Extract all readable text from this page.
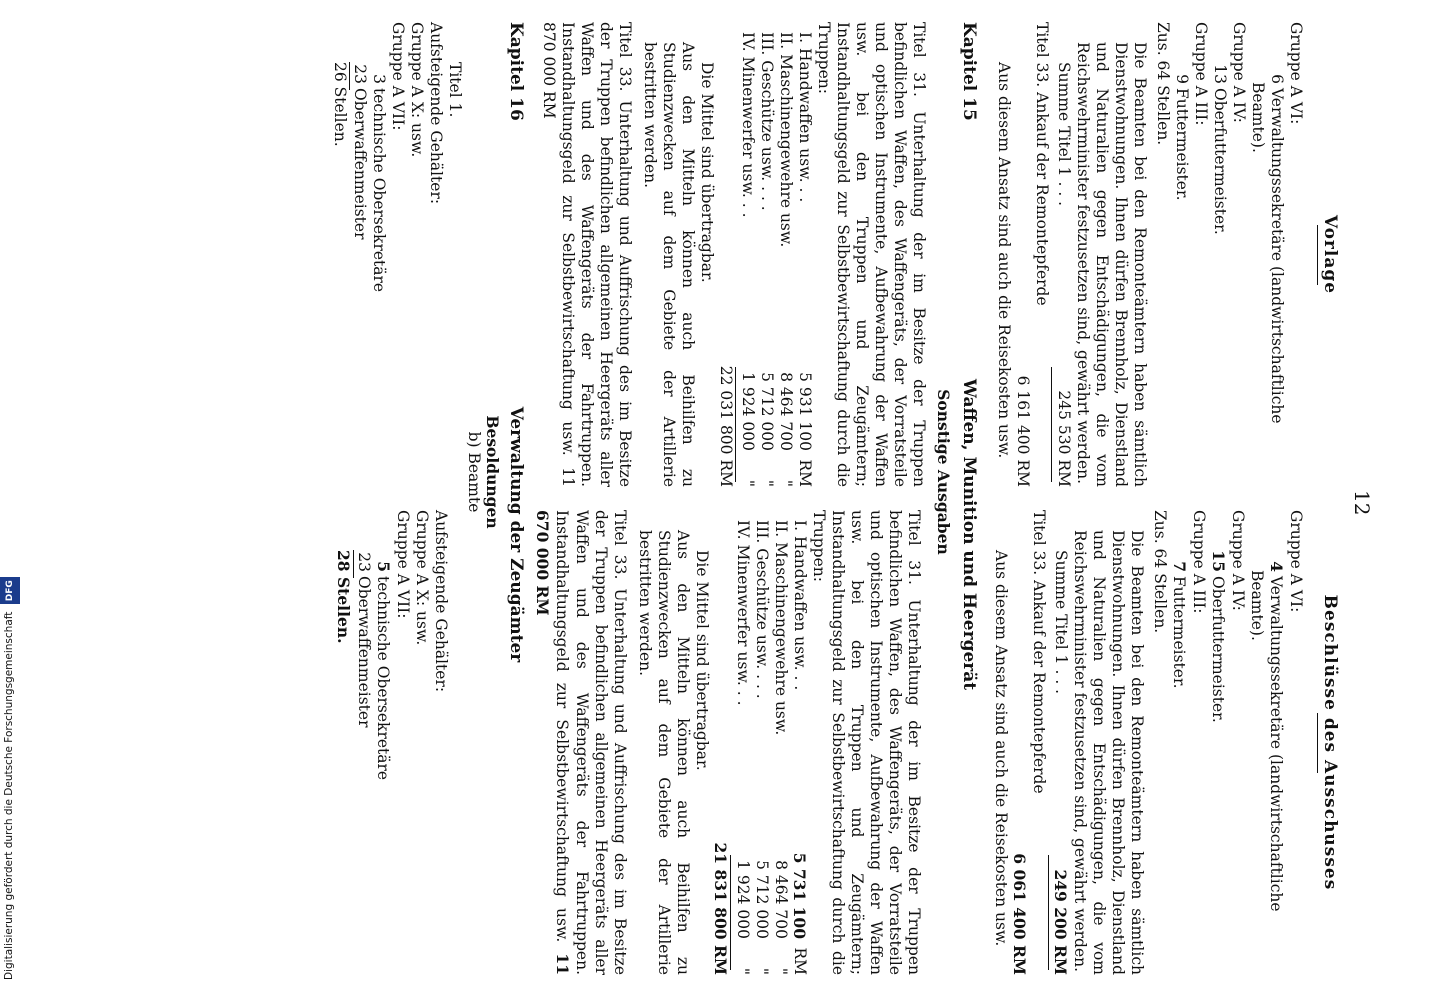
12
Vorlage
Gruppe A VI:
6Verwaltungssekretäre (landwirtschaftliche
Beamte).
Gruppe A IV:
13Oberfuttermeister.
Gruppe A III:
9Futtermeister.
Zus. 64 Stellen.
Die Beamten bei den Remonteämtern haben sämtlich Dienstwohnungen. Ihnen dürfen Brennholz, Dienstland und Naturalien gegen Entschädigungen, die vom Reichswehrminister festzusetzen sind, gewährt werden.
Summe Titel 1 . . .
245 530 RM
Titel 33. Ankauf der Remontepferde
6 161 400 RM
Aus diesem Ansatz sind auch die Reisekosten usw.
Kapitel 15
Waffen, Munition und Heergerät
Sonstige Ausgaben
Titel 31. Unterhaltung der im Besitze der Truppen befindlichen Waffen, des Waffengeräts, der Vorratsteile und optischen Instrumente, Aufbewahrung der Waffen usw. bei den Truppen und Zeugämtern; Instandhaltungsgeld zur Selbstbewirtschaftung durch die Truppen:
I. Handwaffen usw. . .
5 931 100
RM
II. Maschinengewehre usw.
8 464 700
"
III. Geschütze usw. . . .
5 712 000
"
IV. Minenwerfer usw. . .
1 924 000
"
22 031 800 RM
Die Mittel sind übertragbar.
Aus den Mitteln können auch Beihilfen zu Studienzwecken auf dem Gebiete der Artillerie bestritten werden.
Titel 33. Unterhaltung und Auffrischung des im Besitze der Truppen befindlichen allgemeinen Heergeräts aller Waffen und des Waffengeräts der Fahrtruppen. Instandhaltungsgeld zur Selbstbewirtschaftung usw. 11 870 000 RM
Kapitel 16
Verwaltung der Zeugämter
Besoldungen
b) Beamte
Titel 1.
Aufsteigende Gehälter:
Gruppe A X: usw.
Gruppe A VII:
3technische Obersekretäre
23Oberwaffenmeister
26 Stellen.
Beschlüsse des Ausschusses
Gruppe A VI:
4Verwaltungssekretäre (landwirtschaftliche
Beamte).
Gruppe A IV:
15Oberfuttermeister.
Gruppe A III:
7Futtermeister.
Zus. 64 Stellen.
Die Beamten bei den Remonteämtern haben sämtlich Dienstwohnungen. Ihnen dürfen Brennholz, Dienstland und Naturalien gegen Entschädigungen, die vom Reichswehrminister festzusetzen sind, gewährt werden.
Summe Titel 1 . . .
249 200 RM
Titel 33. Ankauf der Remontepferde
6 061 400 RM
Aus diesem Ansatz sind auch die Reisekosten usw.
Titel 31. Unterhaltung der im Besitze der Truppen befindlichen Waffen, des Waffengeräts, der Vorratsteile und optischen Instrumente, Aufbewahrung der Waffen usw. bei den Truppen und Zeugämtern; Instandhaltungsgeld zur Selbstbewirtschaftung durch die Truppen:
I. Handwaffen usw. . .
5 731 100
RM
II. Maschinengewehre usw.
8 464 700
"
III. Geschütze usw. . . .
5 712 000
"
IV. Minenwerfer usw. . .
1 924 000
"
21 831 800 RM
Die Mittel sind übertragbar.
Aus den Mitteln können auch Beihilfen zu Studienzwecken auf dem Gebiete der Artillerie bestritten werden.
Titel 33. Unterhaltung und Auffrischung des im Besitze der Truppen befindlichen allgemeinen Heergeräts aller Waffen und des Waffengeräts der Fahrtruppen. Instandhaltungsgeld zur Selbstbewirtschaftung usw. 11 670 000 RM
Aufsteigende Gehälter:
Gruppe A X: usw.
Gruppe A VII:
5technische Obersekretäre
23Oberwaffenmeister
28 Stellen.
Digitalisierung gefördert durch die Deutsche Forschungsgemeinschaft DFG
